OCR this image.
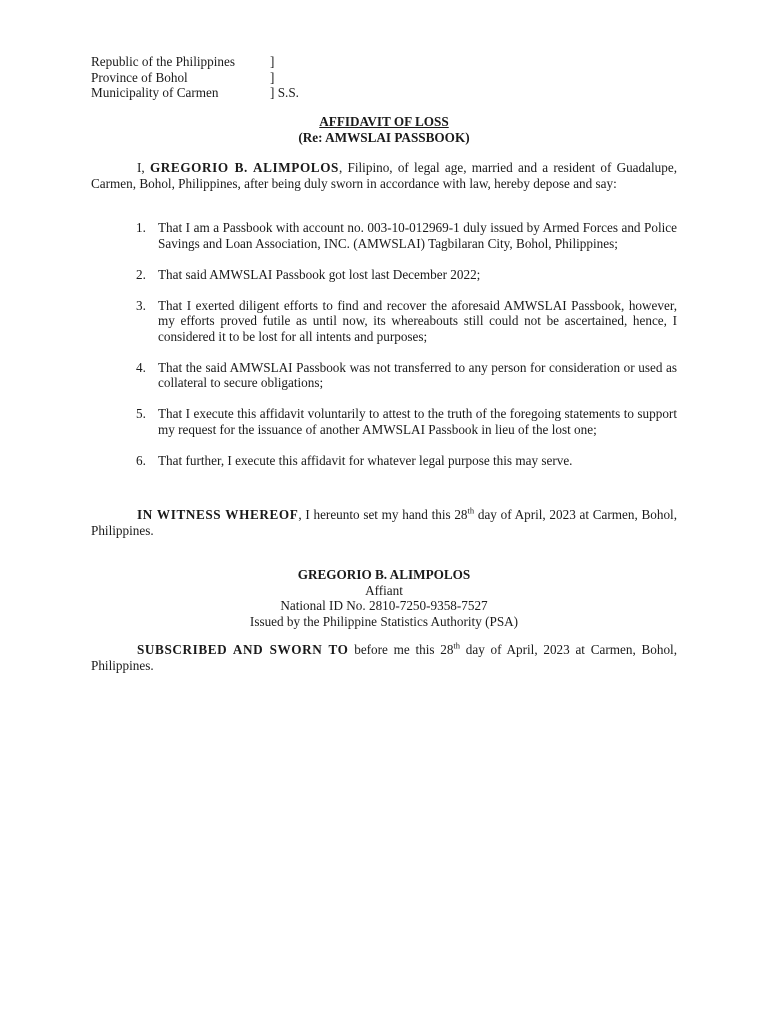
Republic of the Philippines	]
Province of Bohol	]
Municipality of Carmen	] S.S.
AFFIDAVIT OF LOSS
(Re: AMWSLAI PASSBOOK)

I, GREGORIO B. ALIMPOLOS, Filipino, of legal age, married and a resident of Guadalupe, Carmen, Bohol, Philippines, after being duly sworn in accordance with law, hereby depose and say:

1. That I am a Passbook with account no. 003-10-012969-1 duly issued by Armed Forces and Police Savings and Loan Association, INC. (AMWSLAI) Tagbilaran City, Bohol, Philippines;
2. That said AMWSLAI Passbook got lost last December 2022;
3. That I exerted diligent efforts to find and recover the aforesaid AMWSLAI Passbook, however, my efforts proved futile as until now, its whereabouts still could not be ascertained, hence, I considered it to be lost for all intents and purposes;
4. That the said AMWSLAI Passbook was not transferred to any person for consideration or used as collateral to secure obligations;
5. That I execute this affidavit voluntarily to attest to the truth of the foregoing statements to support my request for the issuance of another AMWSLAI Passbook in lieu of the lost one;
6. That further, I execute this affidavit for whatever legal purpose this may serve.

IN WITNESS WHEREOF, I hereunto set my hand this 28th day of April, 2023 at Carmen, Bohol, Philippines.

GREGORIO B. ALIMPOLOS
Affiant
National ID No. 2810-7250-9358-7527
Issued by the Philippine Statistics Authority (PSA)

SUBSCRIBED AND SWORN TO before me this 28th day of April, 2023 at Carmen, Bohol, Philippines.
